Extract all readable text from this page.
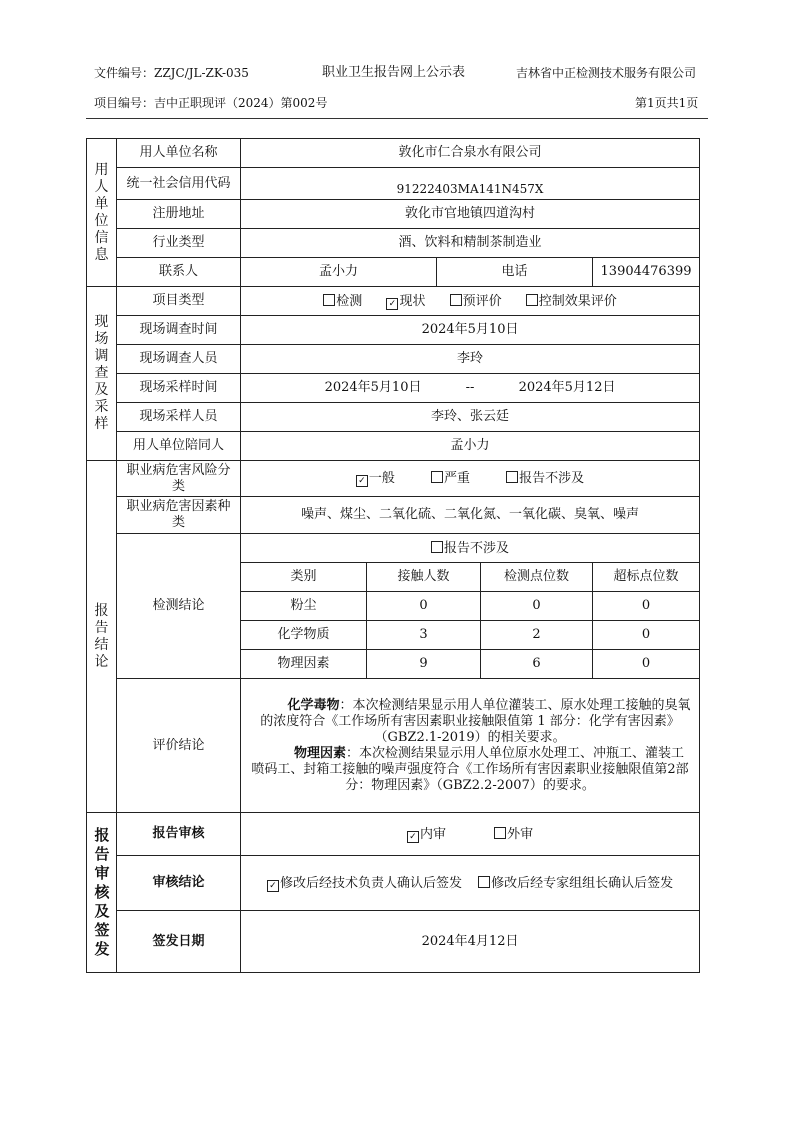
文件编号：ZZJC/JL-ZK-035	职业卫生报告网上公示表	吉林省中正检测技术服务有限公司
项目编号：吉中正职现评（2024）第002号	第1页共1页
用人单位信息	用人单位名称	敦化市仁合泉水有限公司				
	统一社会信用代码	91222403MA141N457X				
	注册地址	敦化市官地镇四道沟村				
	行业类型	酒、饮料和精制茶制造业				
	联系人	孟小力		电话		13904476399
现场调查及采样	项目类型	检测 ✓ 现状 预评价 控制效果评价				
	现场调查时间	2024年5月10日				
	现场调查人员	李玲				
	现场采样时间	2024年5月10日 -- 2024年5月12日				
	现场采样人员	李玲、张云廷				
	用人单位陪同人	孟小力				
报告结论	职业病危害风险分类	✓ 一般 严重 报告不涉及				
	职业病危害因素种类	噪声、煤尘、二氧化硫、二氧化氮、一氧化碳、臭氧、噪声				
	检测结论	报告不涉及				
		类别	接触人数		检测点位数	超标点位数
		粉尘	0		0	0
		化学物质	3		2	0
		物理因素	9		6	0
	评价结论	化学毒物：本次检测结果显示用人单位灌装工、原水处理工接触的臭氧的浓度符合《工作场所有害因素职业接触限值第 1 部分：化学有害因素》（GBZ2.1-2019）的相关要求。

物理因素：本次检测结果显示用人单位原水处理工、冲瓶工、灌装工

喷码工、封箱工接触的噪声强度符合《工作场所有害因素职业接触限值第2部分：物理因素》（GBZ2.2-2007）的要求。				

报告审核及签发	报告审核	✓ 内审 外审				
	审核结论	✓ 修改后经技术负责人确认后签发 修改后经专家组组长确认后签发				
	签发日期	2024年4月12日				
